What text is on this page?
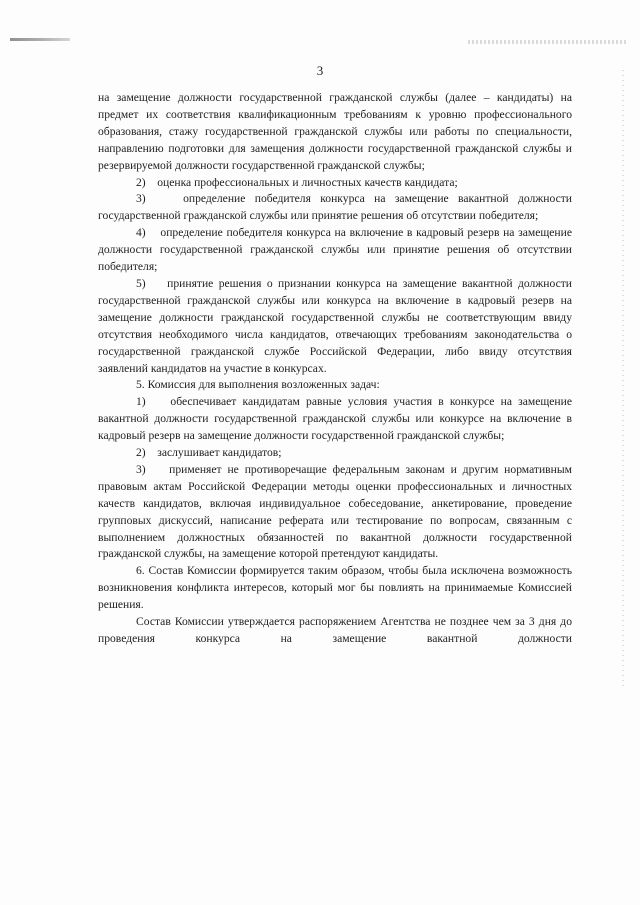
3

на замещение должности государственной гражданской службы (далее – кандидаты) на предмет их соответствия квалификационным требованиям к уровню профессионального образования, стажу государственной гражданской службы или работы по специальности, направлению подготовки для замещения должности государственной гражданской службы и резервируемой должности государственной гражданской службы;

2)    оценка профессиональных и личностных качеств кандидата;

3)    определение победителя конкурса на замещение вакантной должности государственной гражданской службы или принятие решения об отсутствии победителя;

4)    определение победителя конкурса на включение в кадровый резерв на замещение должности государственной гражданской службы или принятие решения об отсутствии победителя;

5)    принятие решения о признании конкурса на замещение вакантной должности государственной гражданской службы или конкурса на включение в кадровый резерв на замещение должности гражданской государственной службы не соответствующим ввиду отсутствия необходимого числа кандидатов, отвечающих требованиям законодательства о государственной гражданской службе Российской Федерации, либо ввиду отсутствия заявлений кандидатов на участие в конкурсах.

5. Комиссия для выполнения возложенных задач:

1)    обеспечивает кандидатам равные условия участия в конкурсе на замещение вакантной должности государственной гражданской службы или конкурсе на включение в кадровый резерв на замещение должности государственной гражданской службы;

2)    заслушивает кандидатов;

3)    применяет не противоречащие федеральным законам и другим нормативным правовым актам Российской Федерации методы оценки профессиональных и личностных качеств кандидатов, включая индивидуальное собеседование, анкетирование, проведение групповых дискуссий, написание реферата или тестирование по вопросам, связанным с выполнением должностных обязанностей по вакантной должности государственной гражданской службы, на замещение которой претендуют кандидаты.

6. Состав Комиссии формируется таким образом, чтобы была исключена возможность возникновения конфликта интересов, который мог бы повлиять на принимаемые Комиссией решения.

Состав Комиссии утверждается распоряжением Агентства не позднее чем за 3 дня до проведения конкурса на замещение вакантной должности
